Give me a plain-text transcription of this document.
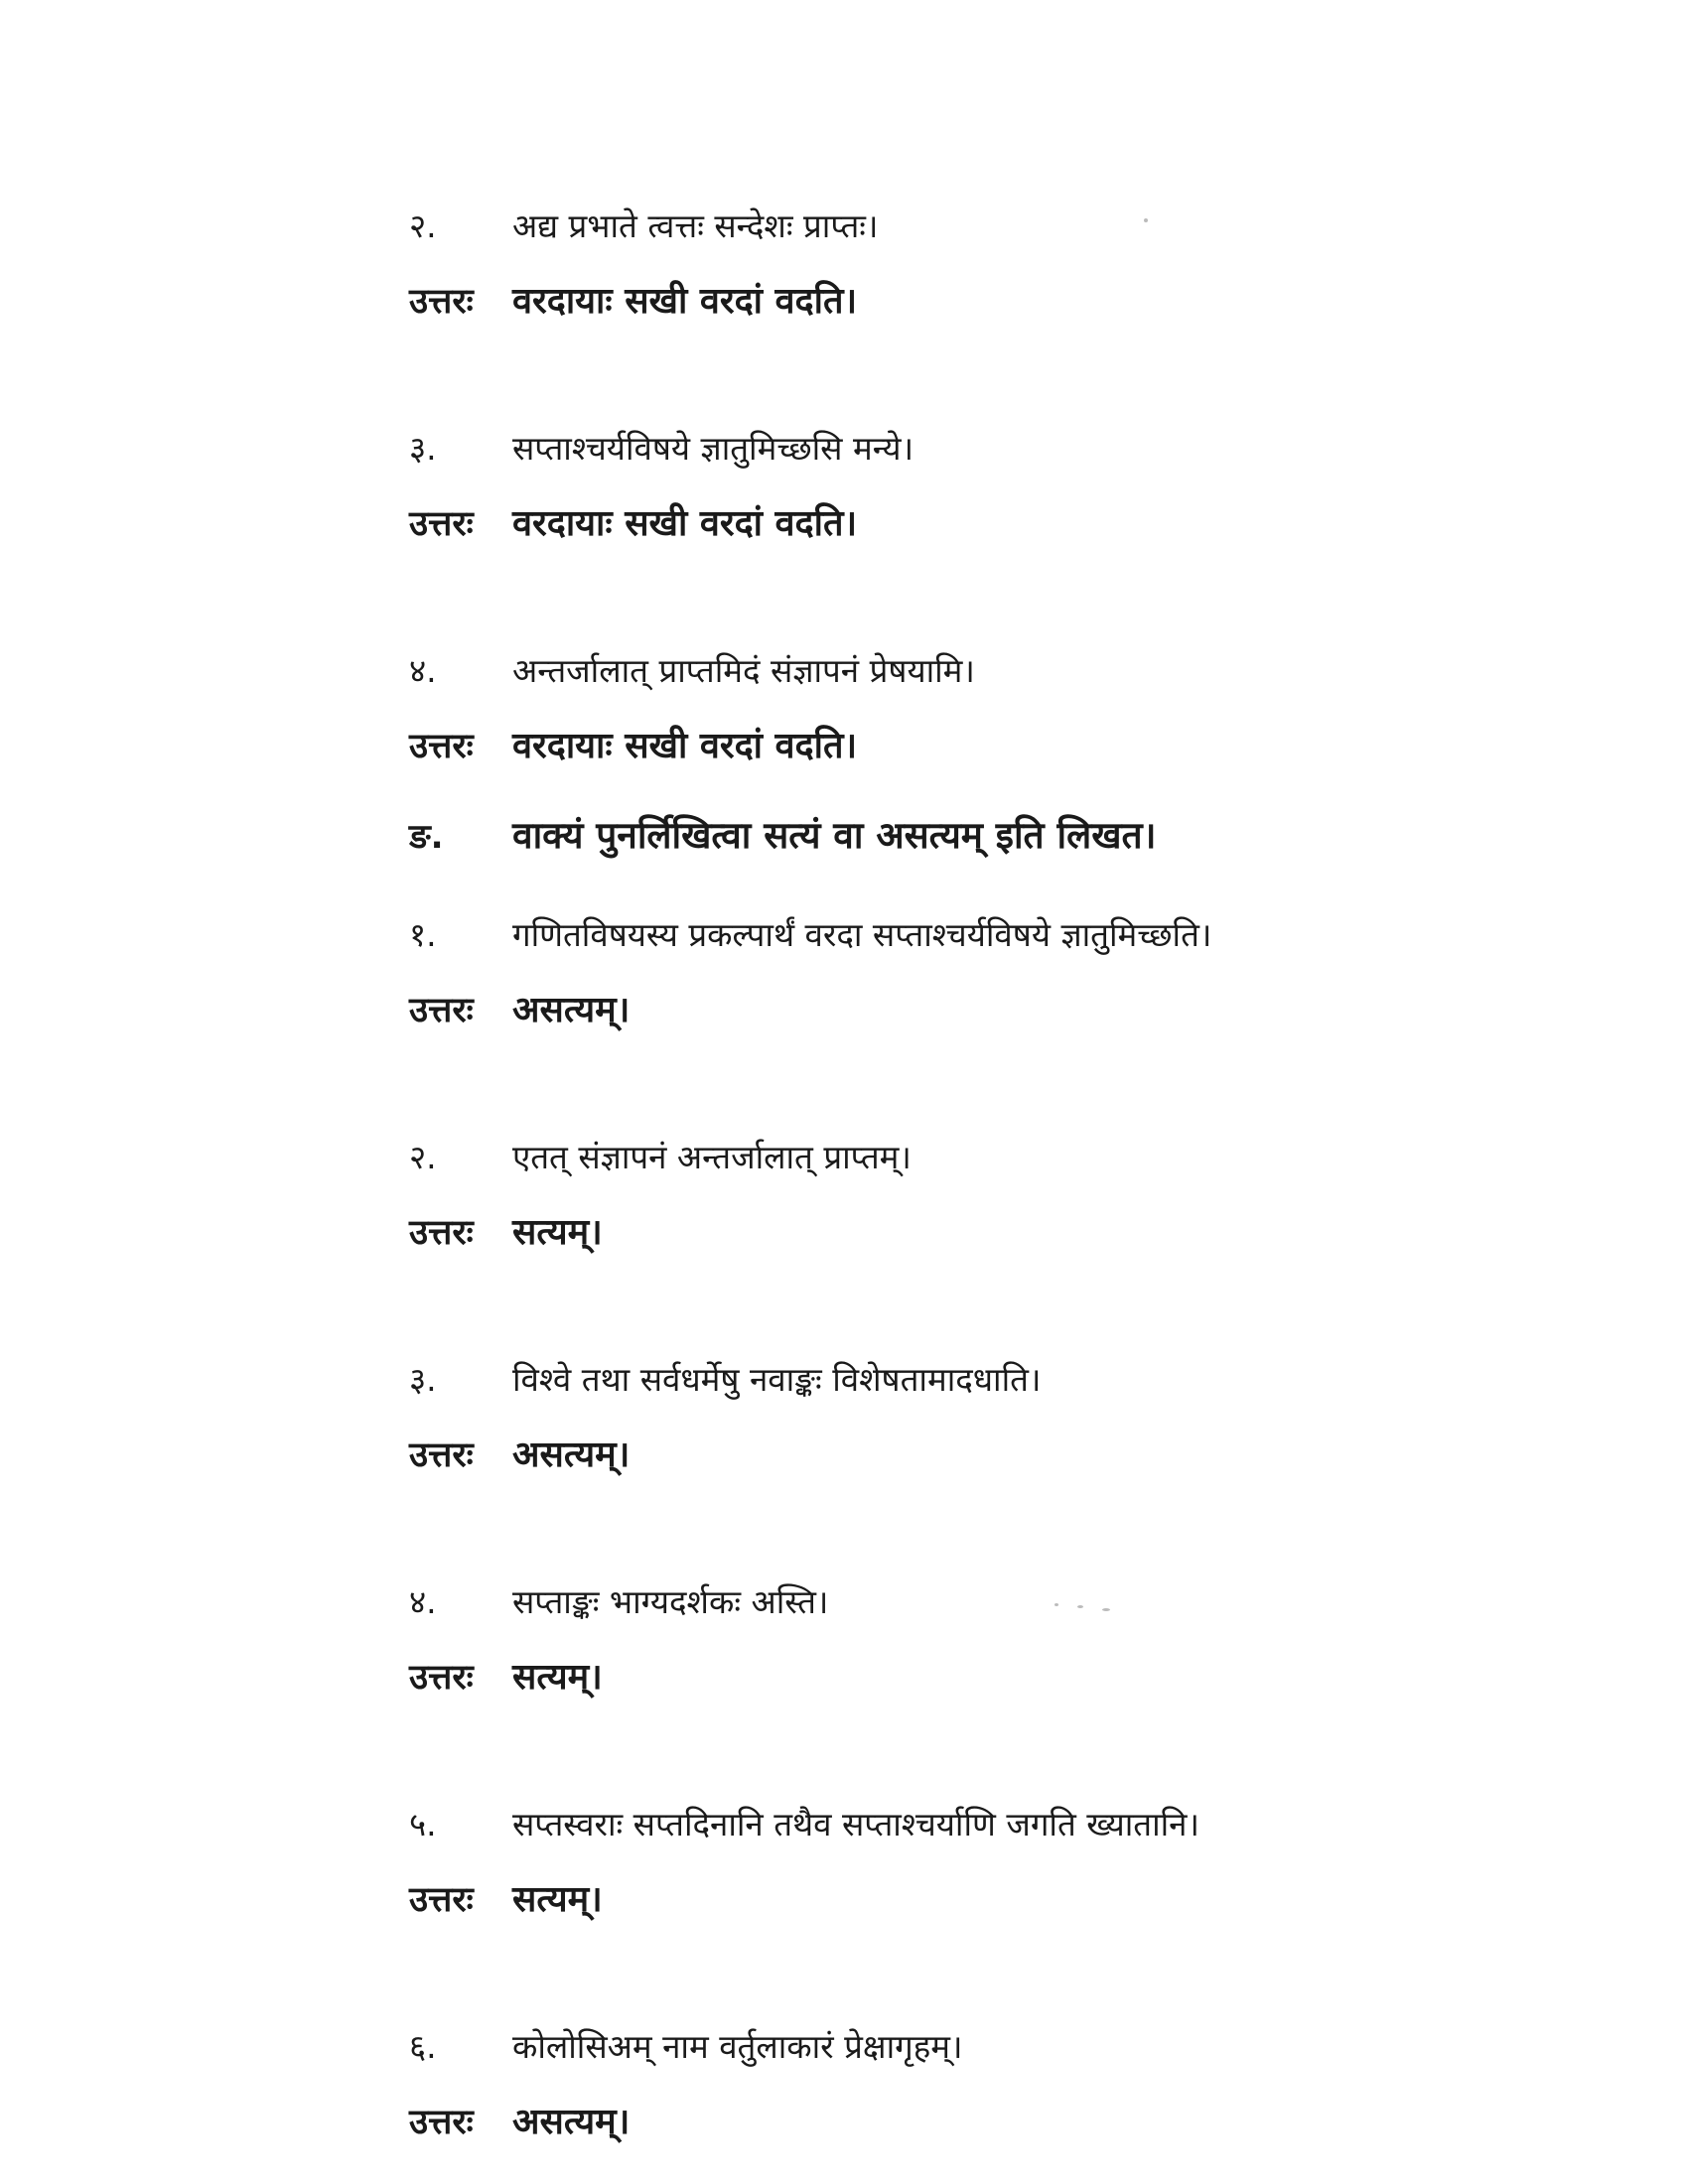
२.	अद्य प्रभाते त्वत्तः सन्देशः प्राप्तः।
उत्तरः	वरदायाः सखी वरदां वदति।
३.	सप्ताश्चर्यविषये ज्ञातुमिच्छसि मन्ये।
उत्तरः	वरदायाः सखी वरदां वदति।
४.	अन्तर्जालात् प्राप्तमिदं संज्ञापनं प्रेषयामि।
उत्तरः	वरदायाः सखी वरदां वदति।
ङ.	वाक्यं पुनर्लिखित्वा सत्यं वा असत्यम् इति लिखत।
१.	गणितविषयस्य प्रकल्पार्थं वरदा सप्ताश्चर्यविषये ज्ञातुमिच्छति।
उत्तरः	असत्यम्।
२.	एतत् संज्ञापनं अन्तर्जालात् प्राप्तम्।
उत्तरः	सत्यम्।
३.	विश्वे तथा सर्वधर्मेषु नवाङ्कः विशेषतामादधाति।
उत्तरः	असत्यम्।
४.	सप्ताङ्कः भाग्यदर्शकः अस्ति।
उत्तरः	सत्यम्।
५.	सप्तस्वराः सप्तदिनानि तथैव सप्ताश्चर्याणि जगति ख्यातानि।
उत्तरः	सत्यम्।
६.	कोलोसिअम् नाम वर्तुलाकारं प्रेक्षागृहम्।
उत्तरः	असत्यम्।
